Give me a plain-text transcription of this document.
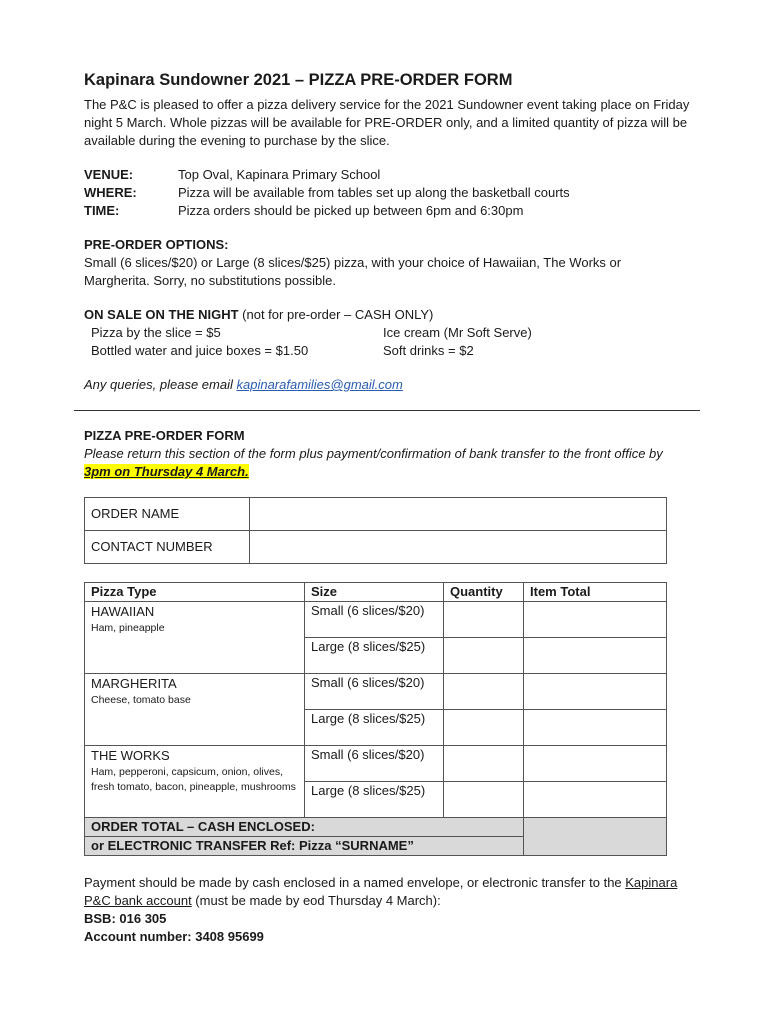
Kapinara Sundowner 2021 – PIZZA PRE-ORDER FORM

The P&C is pleased to offer a pizza delivery service for the 2021 Sundowner event taking place on Friday night 5 March. Whole pizzas will be available for PRE-ORDER only, and a limited quantity of pizza will be available during the evening to purchase by the slice.

VENUE:	Top Oval, Kapinara Primary School
WHERE:	Pizza will be available from tables set up along the basketball courts
TIME:	Pizza orders should be picked up between 6pm and 6:30pm

PRE-ORDER OPTIONS:

Small (6 slices/$20) or Large (8 slices/$25) pizza, with your choice of Hawaiian, The Works or Margherita. Sorry, no substitutions possible.

ON SALE ON THE NIGHT (not for pre-order – CASH ONLY)

Pizza by the slice = $5	Ice cream (Mr Soft Serve)
Bottled water and juice boxes = $1.50	Soft drinks = $2

Any queries, please email kapinarafamilies@gmail.com

PIZZA PRE-ORDER FORM

Please return this section of the form plus payment/confirmation of bank transfer to the front office by 3pm on Thursday 4 March.

ORDER NAME	
CONTACT NUMBER	
Pizza Type	Size	Quantity	Item Total
HAWAIIAN
Ham, pineapple	Small (6 slices/$20)		
	Large (8 slices/$25)		
MARGHERITA
Cheese, tomato base	Small (6 slices/$20)		
	Large (8 slices/$25)		
THE WORKS
Ham, pepperoni, capsicum, onion, olives, fresh tomato, bacon, pineapple, mushrooms	Small (6 slices/$20)		
	Large (8 slices/$25)		
ORDER TOTAL – CASH ENCLOSED:			
or ELECTRONIC TRANSFER Ref: Pizza “SURNAME”			

Payment should be made by cash enclosed in a named envelope, or electronic transfer to the Kapinara P&C bank account (must be made by eod Thursday 4 March):

BSB: 016 305

Account number: 3408 95699
